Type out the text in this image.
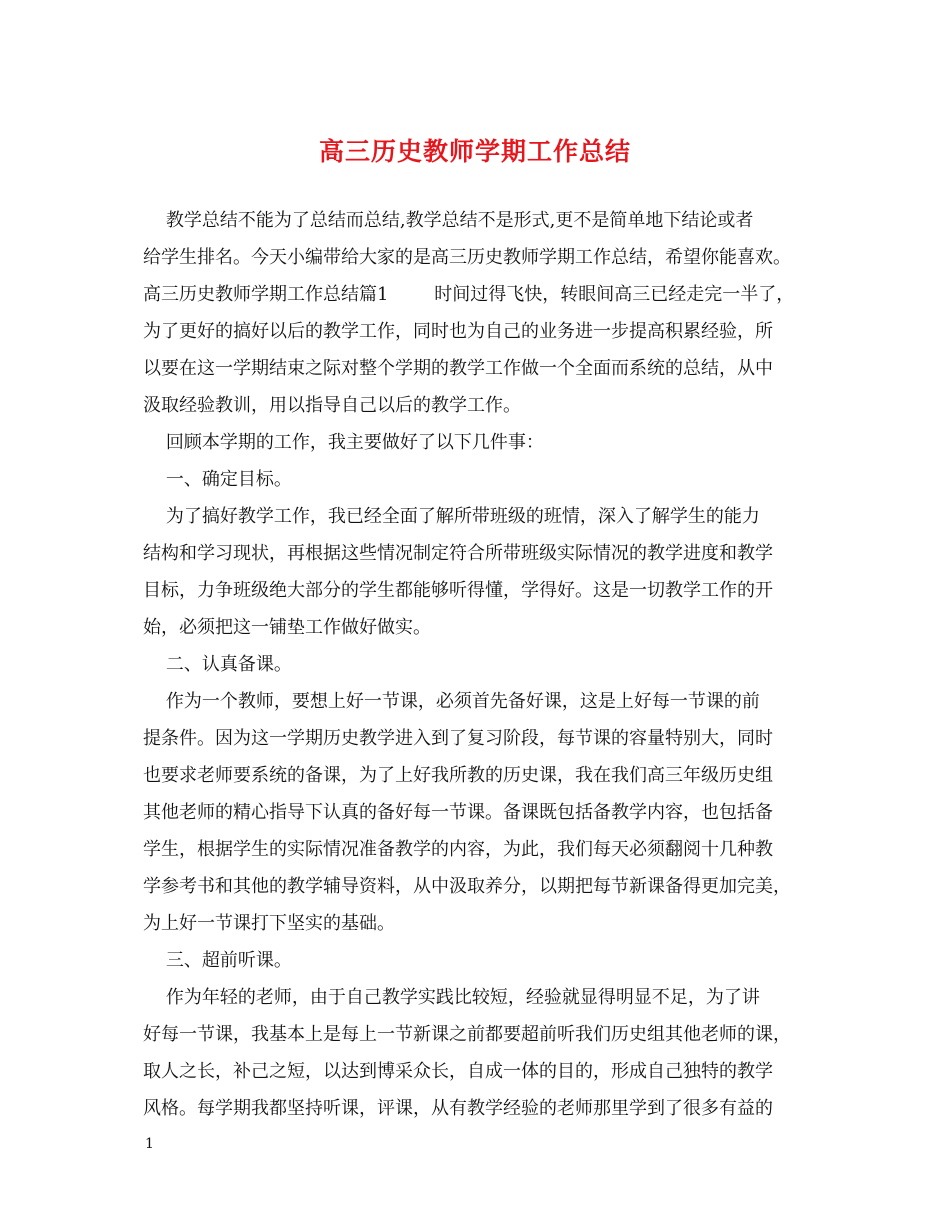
高三历史教师学期工作总结
教学总结不能为了总结而总结,教学总结不是形式,更不是简单地下结论或者
给学生排名。今天小编带给大家的是高三历史教师学期工作总结，希望你能喜欢。
高三历史教师学期工作总结篇1        时间过得飞快，转眼间高三已经走完一半了，
为了更好的搞好以后的教学工作，同时也为自己的业务进一步提高积累经验，所
以要在这一学期结束之际对整个学期的教学工作做一个全面而系统的总结，从中
汲取经验教训，用以指导自己以后的教学工作。
回顾本学期的工作，我主要做好了以下几件事：
一、确定目标。
为了搞好教学工作，我已经全面了解所带班级的班情，深入了解学生的能力
结构和学习现状，再根据这些情况制定符合所带班级实际情况的教学进度和教学
目标，力争班级绝大部分的学生都能够听得懂，学得好。这是一切教学工作的开
始，必须把这一铺垫工作做好做实。
二、认真备课。
作为一个教师，要想上好一节课，必须首先备好课，这是上好每一节课的前
提条件。因为这一学期历史教学进入到了复习阶段，每节课的容量特别大，同时
也要求老师要系统的备课，为了上好我所教的历史课，我在我们高三年级历史组
其他老师的精心指导下认真的备好每一节课。备课既包括备教学内容，也包括备
学生，根据学生的实际情况准备教学的内容，为此，我们每天必须翻阅十几种教
学参考书和其他的教学辅导资料，从中汲取养分，以期把每节新课备得更加完美，
为上好一节课打下坚实的基础。
三、超前听课。
作为年轻的老师，由于自己教学实践比较短，经验就显得明显不足，为了讲
好每一节课，我基本上是每上一节新课之前都要超前听我们历史组其他老师的课，
取人之长，补己之短，以达到博采众长，自成一体的目的，形成自己独特的教学
风格。每学期我都坚持听课，评课，从有教学经验的老师那里学到了很多有益的
1
